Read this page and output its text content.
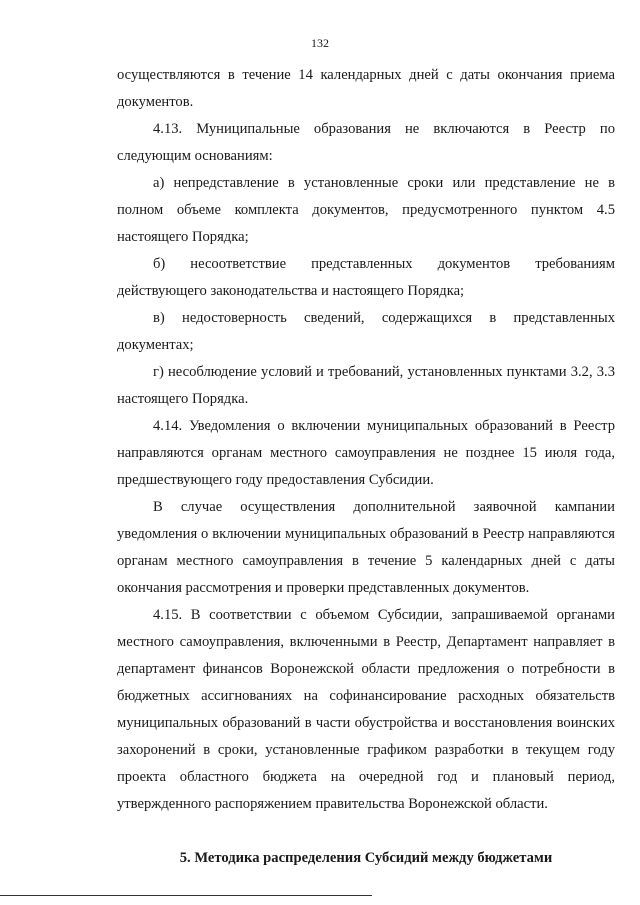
132

осуществляются в течение 14 календарных дней с даты окончания приема документов.

4.13. Муниципальные образования не включаются в Реестр по следующим основаниям:

а) непредставление в установленные сроки или представление не в полном объеме комплекта документов, предусмотренного пунктом 4.5 настоящего Порядка;

б) несоответствие представленных документов требованиям действующего законодательства и настоящего Порядка;

в) недостоверность сведений, содержащихся в представленных документах;

г) несоблюдение условий и требований, установленных пунктами 3.2, 3.3 настоящего Порядка.

4.14. Уведомления о включении муниципальных образований в Реестр направляются органам местного самоуправления не позднее 15 июля года, предшествующего году предоставления Субсидии.

В случае осуществления дополнительной заявочной кампании уведомления о включении муниципальных образований в Реестр направляются органам местного самоуправления в течение 5 календарных дней с даты окончания рассмотрения и проверки представленных документов.

4.15. В соответствии с объемом Субсидии, запрашиваемой органами местного самоуправления, включенными в Реестр, Департамент направляет в департамент финансов Воронежской области предложения о потребности в бюджетных ассигнованиях на софинансирование расходных обязательств муниципальных образований в части обустройства и восстановления воинских захоронений в сроки, установленные графиком разработки в текущем году проекта областного бюджета на очередной год и плановый период, утвержденного распоряжением правительства Воронежской области.

5. Методика распределения Субсидий между бюджетами
